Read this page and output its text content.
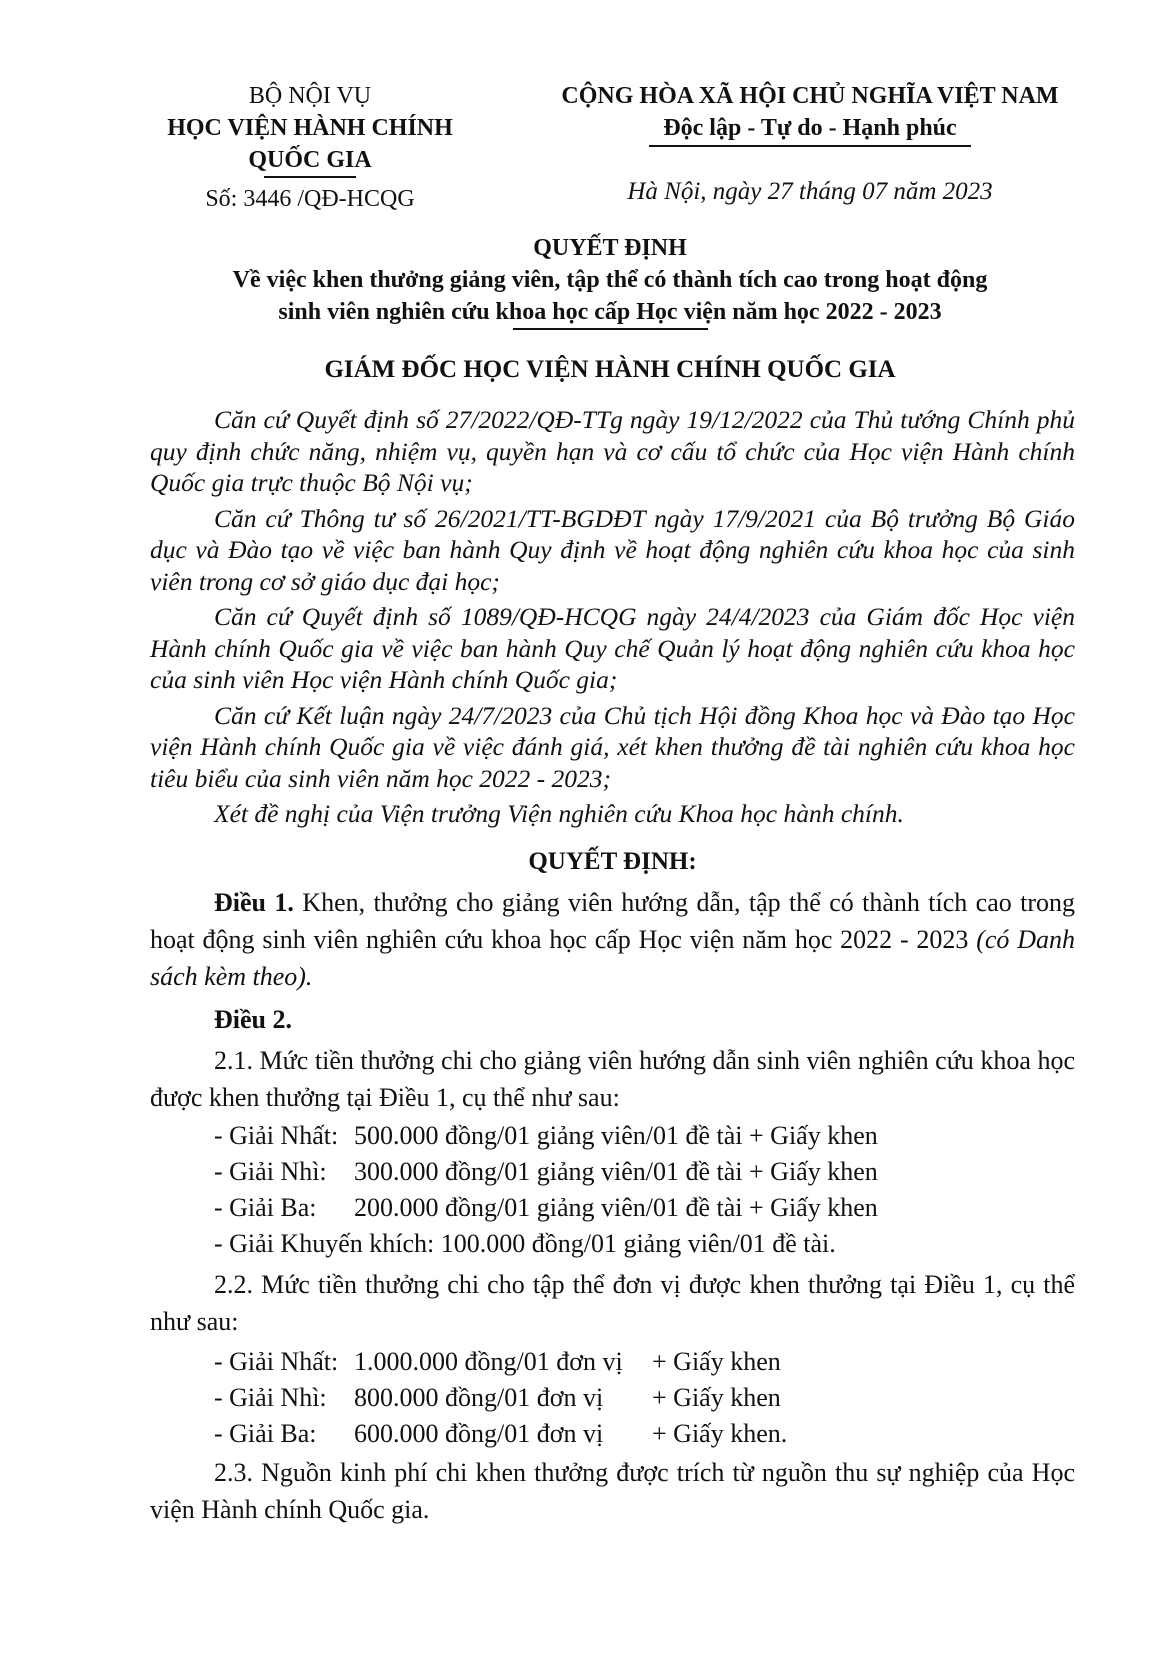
BỘ NỘI VỤ
HỌC VIỆN HÀNH CHÍNH
QUỐC GIA
Số: 3446 /QĐ-HCQG
CỘNG HÒA XÃ HỘI CHỦ NGHĨA VIỆT NAM
Độc lập - Tự do - Hạnh phúc
Hà Nội, ngày 27 tháng 07 năm 2023
QUYẾT ĐỊNH
Về việc khen thưởng giảng viên, tập thể có thành tích cao trong hoạt động
sinh viên nghiên cứu khoa học cấp Học viện năm học 2022 - 2023
GIÁM ĐỐC HỌC VIỆN HÀNH CHÍNH QUỐC GIA

Căn cứ Quyết định số 27/2022/QĐ-TTg ngày 19/12/2022 của Thủ tướng Chính phủ quy định chức năng, nhiệm vụ, quyền hạn và cơ cấu tổ chức của Học viện Hành chính Quốc gia trực thuộc Bộ Nội vụ;

Căn cứ Thông tư số 26/2021/TT-BGDĐT ngày 17/9/2021 của Bộ trưởng Bộ Giáo dục và Đào tạo về việc ban hành Quy định về hoạt động nghiên cứu khoa học của sinh viên trong cơ sở giáo dục đại học;

Căn cứ Quyết định số 1089/QĐ-HCQG ngày 24/4/2023 của Giám đốc Học viện Hành chính Quốc gia về việc ban hành Quy chế Quản lý hoạt động nghiên cứu khoa học của sinh viên Học viện Hành chính Quốc gia;

Căn cứ Kết luận ngày 24/7/2023 của Chủ tịch Hội đồng Khoa học và Đào tạo Học viện Hành chính Quốc gia về việc đánh giá, xét khen thưởng đề tài nghiên cứu khoa học tiêu biểu của sinh viên năm học 2022 - 2023;

Xét đề nghị của Viện trưởng Viện nghiên cứu Khoa học hành chính.

QUYẾT ĐỊNH:

Điều 1. Khen, thưởng cho giảng viên hướng dẫn, tập thể có thành tích cao trong hoạt động sinh viên nghiên cứu khoa học cấp Học viện năm học 2022 - 2023 (có Danh sách kèm theo).

Điều 2.

2.1. Mức tiền thưởng chi cho giảng viên hướng dẫn sinh viên nghiên cứu khoa học được khen thưởng tại Điều 1, cụ thể như sau:

- Giải Nhất: 500.000 đồng/01 giảng viên/01 đề tài + Giấy khen
- Giải Nhì: 300.000 đồng/01 giảng viên/01 đề tài + Giấy khen
- Giải Ba: 200.000 đồng/01 giảng viên/01 đề tài + Giấy khen
- Giải Khuyến khích: 100.000 đồng/01 giảng viên/01 đề tài.

2.2. Mức tiền thưởng chi cho tập thể đơn vị được khen thưởng tại Điều 1, cụ thể như sau:

- Giải Nhất: 1.000.000 đồng/01 đơn vị + Giấy khen
- Giải Nhì: 800.000 đồng/01 đơn vị + Giấy khen
- Giải Ba: 600.000 đồng/01 đơn vị + Giấy khen.

2.3. Nguồn kinh phí chi khen thưởng được trích từ nguồn thu sự nghiệp của Học viện Hành chính Quốc gia.
